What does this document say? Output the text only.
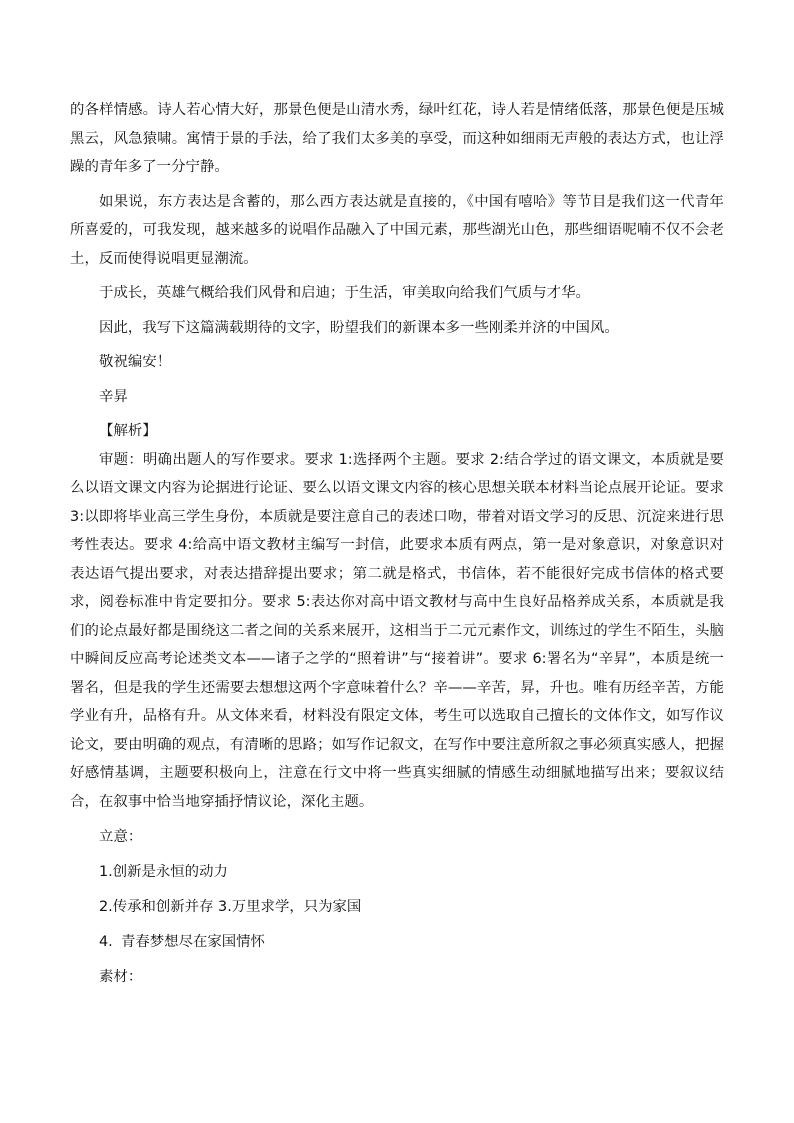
的各样情感。诗人若心情大好，那景色便是山清水秀，绿叶红花，诗人若是情绪低落，那景色便是压城黑云，风急猿啸。寓情于景的手法，给了我们太多美的享受，而这种如细雨无声般的表达方式，也让浮躁的青年多了一分宁静。

如果说，东方表达是含蓄的，那么西方表达就是直接的，《中国有嘻哈》等节目是我们这一代青年所喜爱的，可我发现，越来越多的说唱作品融入了中国元素，那些湖光山色，那些细语呢喃不仅不会老土，反而使得说唱更显潮流。

于成长，英雄气概给我们风骨和启迪；于生活，审美取向给我们气质与才华。

因此，我写下这篇满载期待的文字，盼望我们的新课本多一些刚柔并济的中国风。

敬祝编安！

辛昇

【解析】

审题：明确出题人的写作要求。要求 1:选择两个主题。要求 2:结合学过的语文课文，本质就是要么以语文课文内容为论据进行论证、要么以语文课文内容的核心思想关联本材料当论点展开论证。要求 3:以即将毕业高三学生身份，本质就是要注意自己的表述口吻，带着对语文学习的反思、沉淀来进行思考性表达。要求 4:给高中语文教材主编写一封信，此要求本质有两点，第一是对象意识，对象意识对表达语气提出要求，对表达措辞提出要求；第二就是格式，书信体，若不能很好完成书信体的格式要求，阅卷标准中肯定要扣分。要求 5:表达你对高中语文教材与高中生良好品格养成关系，本质就是我们的论点最好都是围绕这二者之间的关系来展开，这相当于二元元素作文，训练过的学生不陌生，头脑中瞬间反应高考论述类文本——诸子之学的“照着讲”与“接着讲”。要求 6:署名为“辛昇”，本质是统一署名，但是我的学生还需要去想想这两个字意味着什么？辛——辛苦，昇，升也。唯有历经辛苦，方能学业有升，品格有升。从文体来看，材料没有限定文体，考生可以选取自己擅长的文体作文，如写作议论文，要由明确的观点，有清晰的思路；如写作记叙文，在写作中要注意所叙之事必须真实感人，把握好感情基调，主题要积极向上，注意在行文中将一些真实细腻的情感生动细腻地描写出来；要叙议结合，在叙事中恰当地穿插抒情议论，深化主题。

立意：

1.创新是永恒的动力

2.传承和创新并存 3.万里求学，只为家国

4. 青春梦想尽在家国情怀

素材：
